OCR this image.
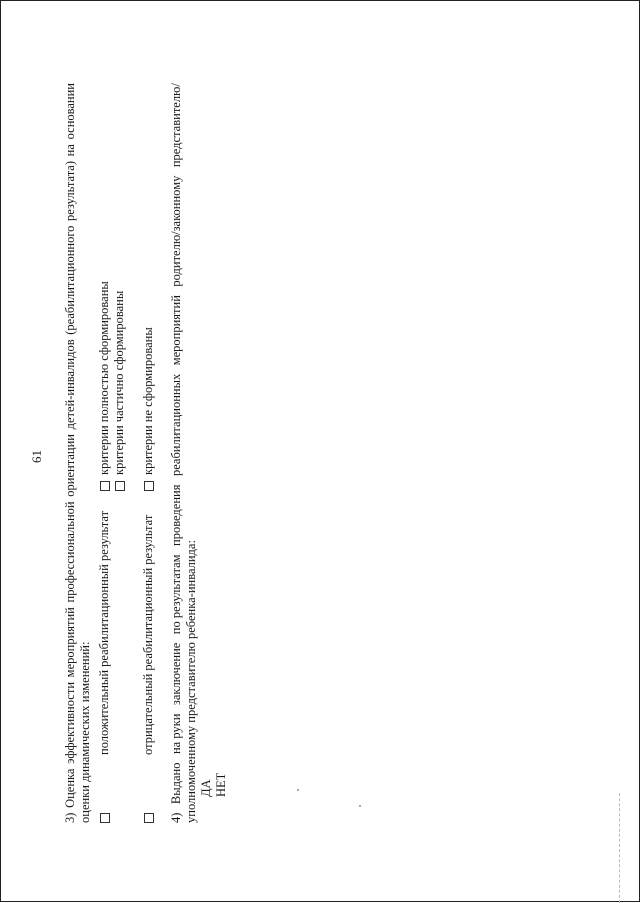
61 3) Оценка эффективности мероприятий профессиональной ориентации детей-инвалидов (реабилитационного результата) на основании оценки динамических изменений: положительный реабилитационный результат
критерии полностью сформированы критерии частично сформированы
отрицательный реабилитационный результат
критерии не сформированы
4)
Выдано
на руки
заключение
по результатам
проведения
реабилитационных
мероприятий
родителю/законному
представителю/
уполномоченному представителю ребенка-инвалида: ДА НЕТ
